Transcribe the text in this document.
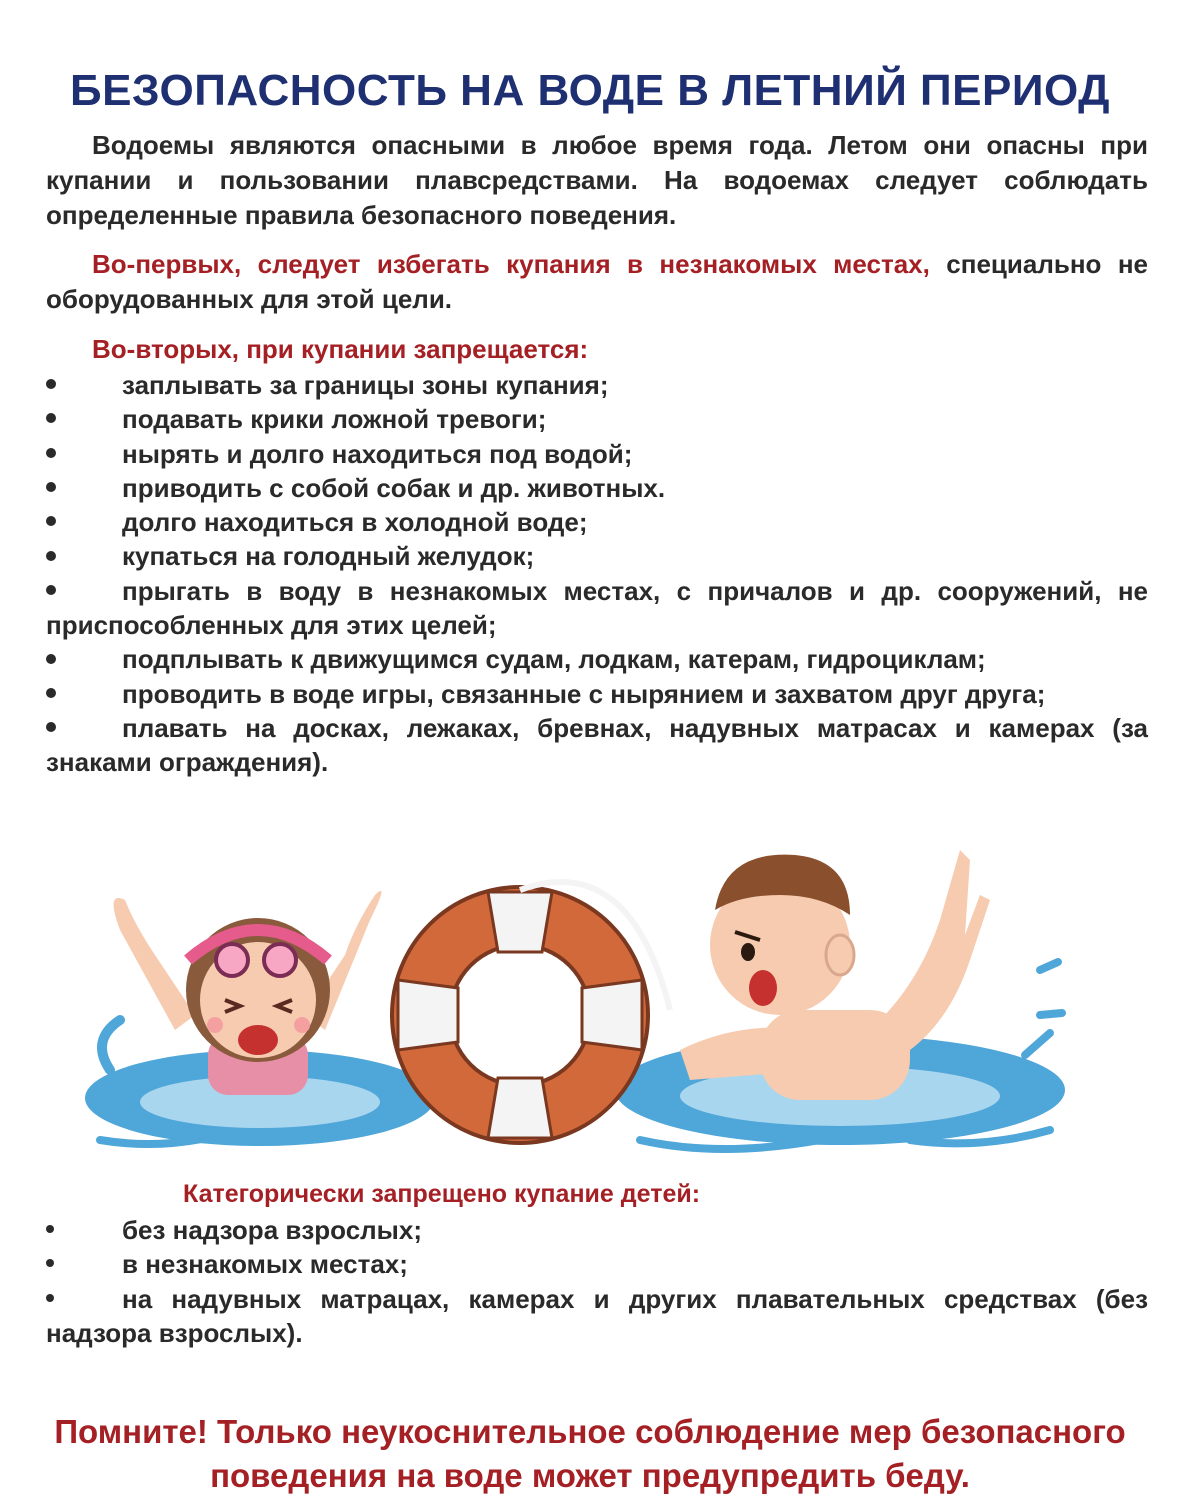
БЕЗОПАСНОСТЬ НА ВОДЕ В ЛЕТНИЙ ПЕРИОД
Водоемы являются опасными в любое время года. Летом они опасны при купании и пользовании плавсредствами. На водоемах следует соблюдать определенные правила безопасного поведения.
Во-первых, следует избегать купания в незнакомых местах, специально не оборудованных для этой цели.
Во-вторых, при купании запрещается:
заплывать за границы зоны купания;
подавать крики ложной тревоги;
нырять и долго находиться под водой;
приводить с собой собак и др. животных.
долго находиться в холодной воде;
купаться на голодный желудок;
прыгать в воду в незнакомых местах, с причалов и др. сооружений, не приспособленных для этих целей;
подплывать к движущимся судам, лодкам, катерам, гидроциклам;
проводить в воде игры, связанные с нырянием и захватом друг друга;
плавать на досках, лежаках, бревнах, надувных матрасах и камерах (за знаками ограждения).
Категорически запрещено купание детей:
без надзора взрослых;
в незнакомых местах;
на надувных матрацах, камерах и других плавательных средствах (без надзора взрослых).
Помните! Только неукоснительное соблюдение мер безопасного поведения на воде может предупредить беду.
